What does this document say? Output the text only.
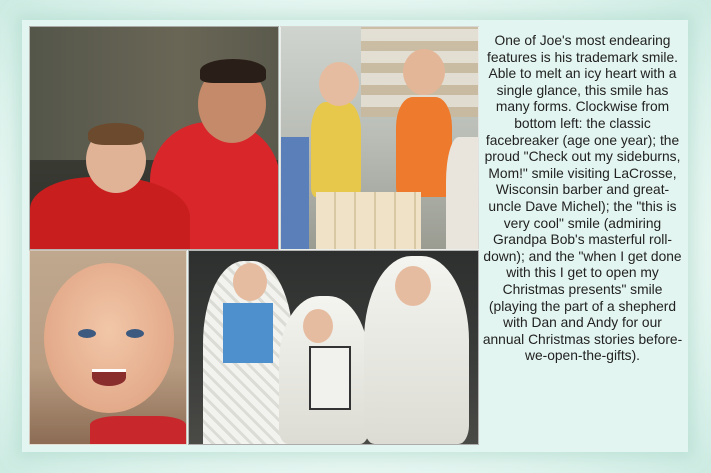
One of Joe's most endearing features is his trademark smile. Able to melt an icy heart with a single glance, this smile has many forms. Clockwise from bottom left: the classic facebreaker (age one year); the proud "Check out my sideburns, Mom!" smile visiting LaCrosse, Wisconsin barber and great-uncle Dave Michel); the "this is very cool" smile (admiring Grandpa Bob's masterful roll-down); and the "when I get done with this I get to open my Christmas presents" smile (playing the part of a shepherd with Dan and Andy for our annual Christmas stories before-we-open-the-gifts).
